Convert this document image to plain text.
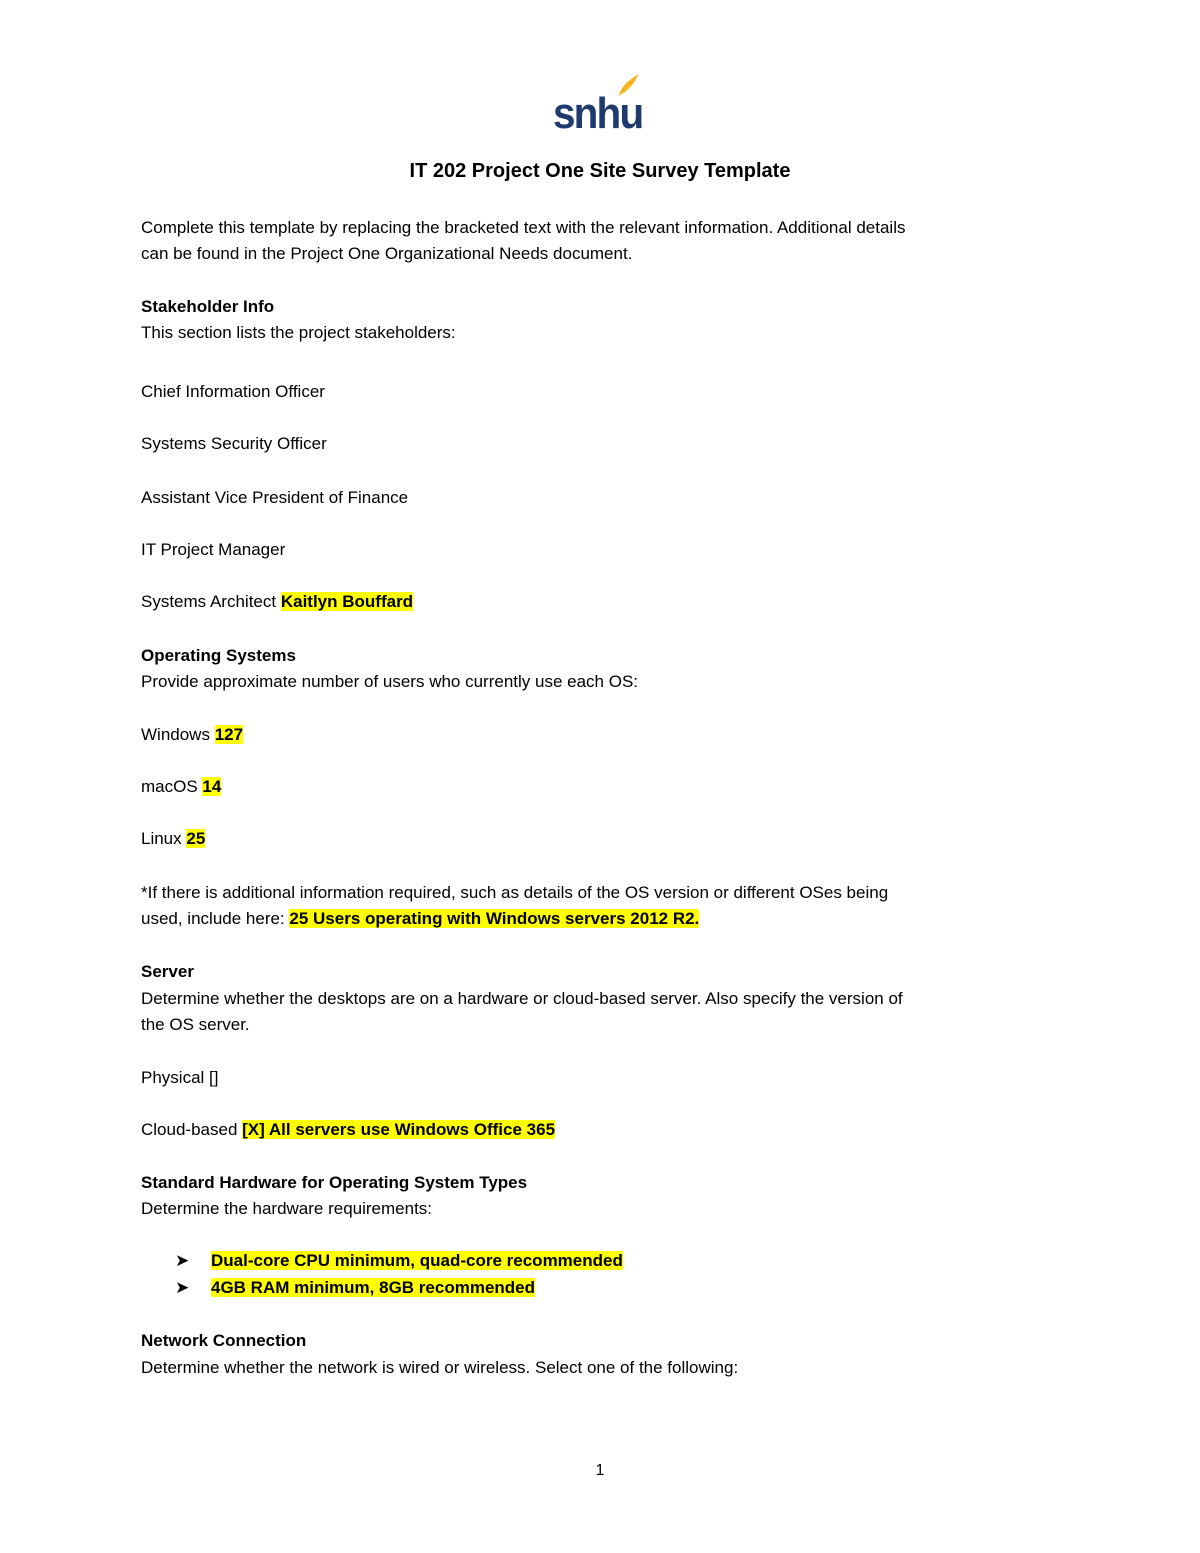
snhu
IT 202 Project One Site Survey Template
Complete this template by replacing the bracketed text with the relevant information. Additional details
can be found in the Project One Organizational Needs document.
Stakeholder Info
This section lists the project stakeholders:
Chief Information Officer
Systems Security Officer
Assistant Vice President of Finance
IT Project Manager
Systems Architect Kaitlyn Bouffard
Operating Systems
Provide approximate number of users who currently use each OS:
Windows 127
macOS 14
Linux 25
*If there is additional information required, such as details of the OS version or different OSes being
used, include here: 25 Users operating with Windows servers 2012 R2.
Server
Determine whether the desktops are on a hardware or cloud-based server. Also specify the version of
the OS server.
Physical []
Cloud-based [X] All servers use Windows Office 365
Standard Hardware for Operating System Types
Determine the hardware requirements:
➤ Dual-core CPU minimum, quad-core recommended
➤ 4GB RAM minimum, 8GB recommended
Network Connection
Determine whether the network is wired or wireless. Select one of the following:
1
